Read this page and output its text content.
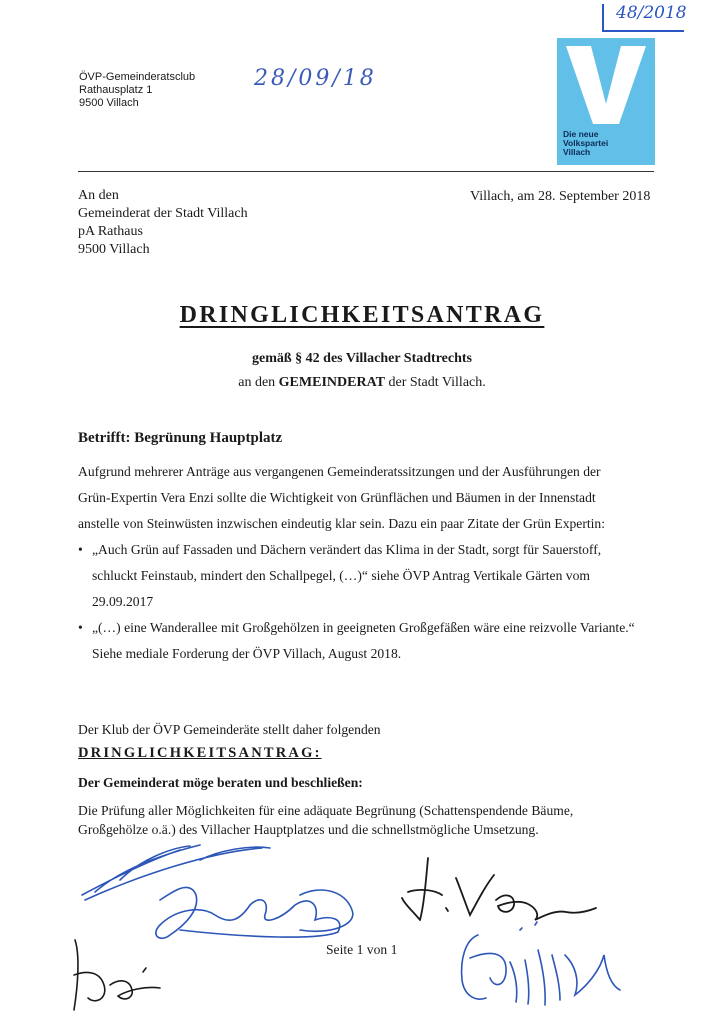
ÖVP-Gemeinderatsclub
Rathausplatz 1
9500 Villach
28/09/18
48/2018
Die neue
Volkspartei
Villach
An den
Gemeinderat der Stadt Villach
pA Rathaus
9500 Villach
Villach, am 28. September 2018
DRINGLICHKEITSANTRAG
gemäß § 42 des Villacher Stadtrechts
an den GEMEINDERAT der Stadt Villach.
Betrifft: Begrünung Hauptplatz
Aufgrund mehrerer Anträge aus vergangenen Gemeinderatssitzungen und der Ausführungen der
Grün-Expertin Vera Enzi sollte die Wichtigkeit von Grünflächen und Bäumen in der Innenstadt
anstelle von Steinwüsten inzwischen eindeutig klar sein. Dazu ein paar Zitate der Grün Expertin:
• „Auch Grün auf Fassaden und Dächern verändert das Klima in der Stadt, sorgt für Sauerstoff,
schluckt Feinstaub, mindert den Schallpegel, (…)“ siehe ÖVP Antrag Vertikale Gärten vom
29.09.2017
• „(…) eine Wanderallee mit Großgehölzen in geeigneten Großgefäßen wäre eine reizvolle Variante.“
Siehe mediale Forderung der ÖVP Villach, August 2018.
Der Klub der ÖVP Gemeinderäte stellt daher folgenden
DRINGLICHKEITSANTRAG:
Der Gemeinderat möge beraten und beschließen:
Die Prüfung aller Möglichkeiten für eine adäquate Begrünung (Schattenspendende Bäume,
Großgehölze o.ä.) des Villacher Hauptplatzes und die schnellstmögliche Umsetzung.
Seite 1 von 1
